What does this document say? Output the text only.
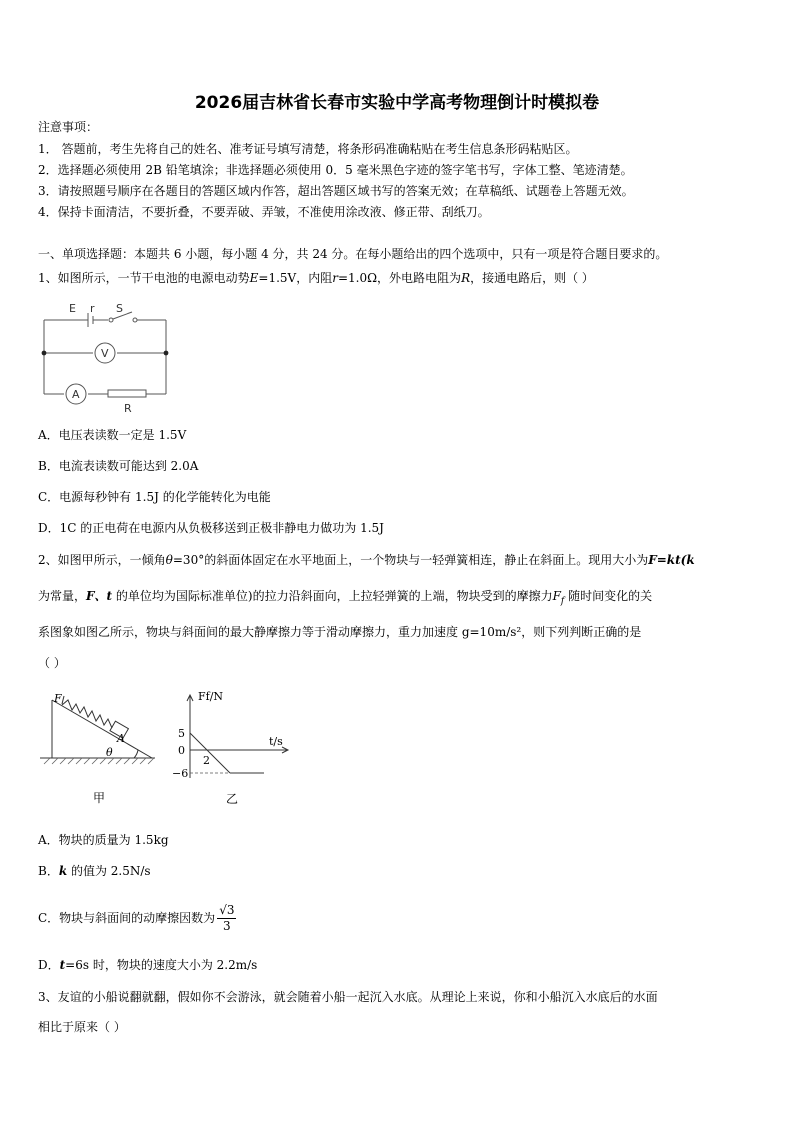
2026届吉林省长春市实验中学高考物理倒计时模拟卷
注意事项：
1． 答题前，考生先将自己的姓名、准考证号填写清楚，将条形码准确粘贴在考生信息条形码粘贴区。
2．选择题必须使用 2B 铅笔填涂；非选择题必须使用 0．5 毫米黑色字迹的签字笔书写，字体工整、笔迹清楚。
3．请按照题号顺序在各题目的答题区域内作答，超出答题区域书写的答案无效；在草稿纸、试题卷上答题无效。
4．保持卡面清洁，不要折叠，不要弄破、弄皱，不准使用涂改液、修正带、刮纸刀。
一、单项选择题：本题共 6 小题，每小题 4 分，共 24 分。在每小题给出的四个选项中，只有一项是符合题目要求的。
1、如图所示，一节干电池的电源电动势E=1.5V，内阻r=1.0Ω，外电路电阻为R，接通电路后，则（ ）
E r S
V
A
R
A．电压表读数一定是 1.5V
B．电流表读数可能达到 2.0A
C．电源每秒钟有 1.5J 的化学能转化为电能
D．1C 的正电荷在电源内从负极移送到正极非静电力做功为 1.5J
2、如图甲所示，一倾角θ=30°的斜面体固定在水平地面上，一个物块与一轻弹簧相连，静止在斜面上。现用大小为F=kt(k
为常量，F、t 的单位均为国际标准单位)的拉力沿斜面向，上拉轻弹簧的上端，物块受到的摩擦力$F_f$ 随时间变化的关
系图象如图乙所示，物块与斜面间的最大静摩擦力等于滑动摩擦力，重力加速度 g=10m/s²，则下列判断正确的是
（ ）
F
A
θ
甲
Ff/N
t/s
5
0
−6
2
乙
A．物块的质量为 1.5kg
B．k 的值为 2.5N/s
C．物块与斜面间的动摩擦因数为 $\frac{√3}{3}$
D．t=6s 时，物块的速度大小为 2.2m/s
3、友谊的小船说翻就翻，假如你不会游泳，就会随着小船一起沉入水底。从理论上来说，你和小船沉入水底后的水面
相比于原来（ ）
